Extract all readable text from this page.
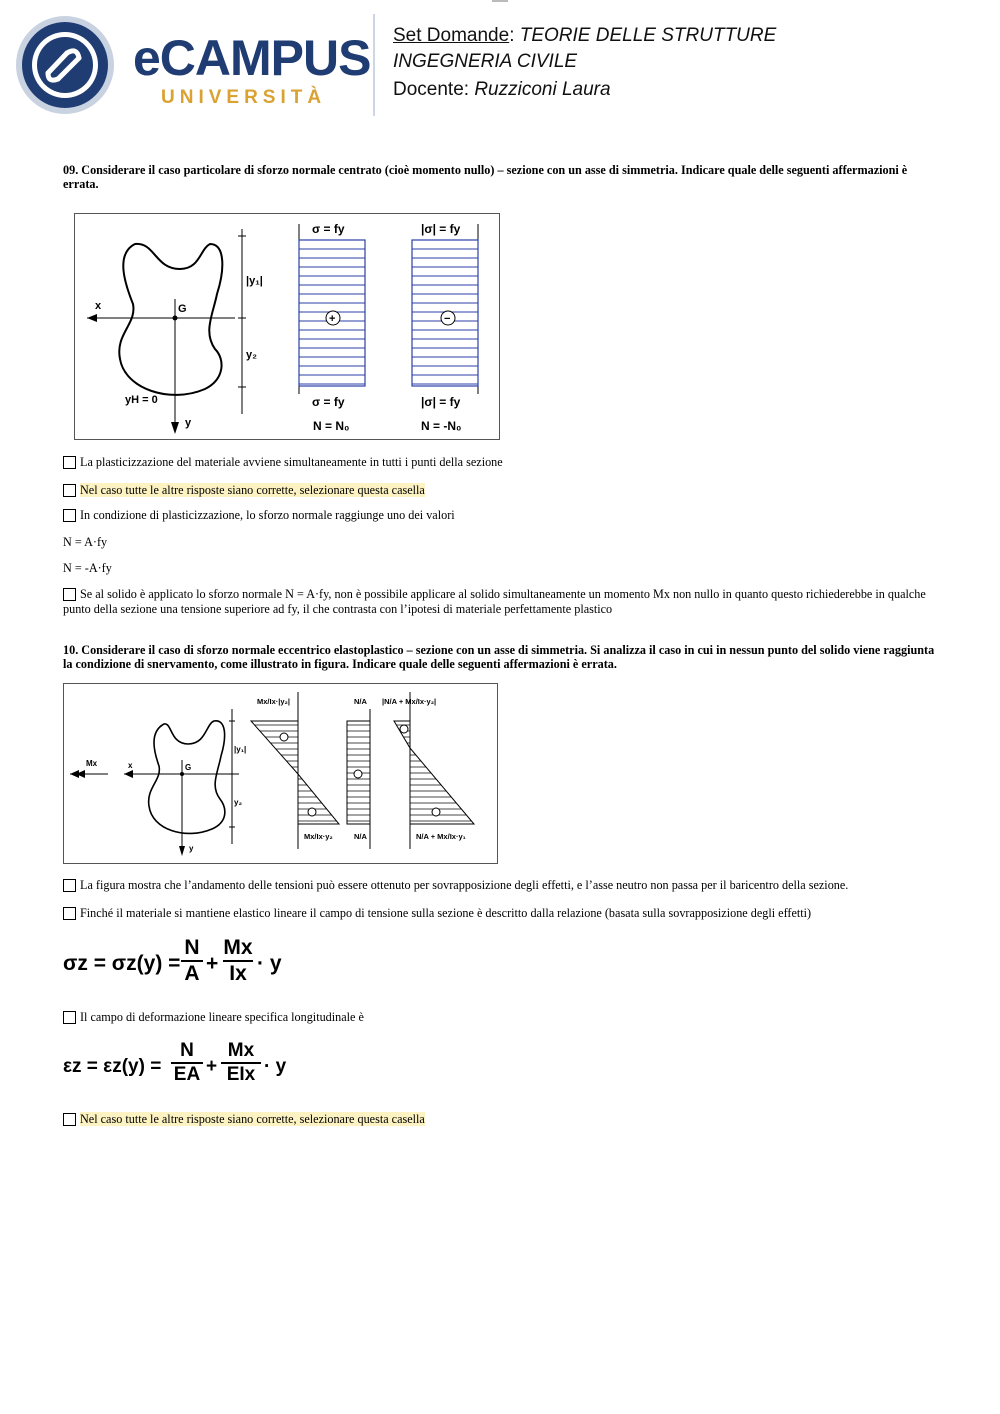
eCAMPUS
UNIVERSITÀ
Set Domande: TEORIE DELLE STRUTTURE
INGEGNERIA CIVILE
Docente: Ruzziconi Laura
09. Considerare il caso particolare di sforzo normale centrato (cioè momento nullo) – sezione con un asse di simmetria. Indicare quale delle seguenti affermazioni è errata.
x
y
G
yH = 0
|y₁|
y₂
σ = fy
+
σ = fy
N = N₀
|σ| = fy
−
|σ| = fy
N = -N₀
La plasticizzazione del materiale avviene simultaneamente in tutti i punti della sezione
Nel caso tutte le altre risposte siano corrette, selezionare questa casella
In condizione di plasticizzazione, lo sforzo normale raggiunge uno dei valori
N = A·fy
N = -A·fy
Se al solido è applicato lo sforzo normale N = A·fy, non è possibile applicare al solido simultaneamente un momento Mx non nullo in quanto questo richiederebbe in qualche punto della sezione una tensione superiore ad fy, il che contrasta con l’ipotesi di materiale perfettamente plastico
10. Considerare il caso di sforzo normale eccentrico elastoplastico – sezione con un asse di simmetria. Si analizza il caso in cui in nessun punto del solido viene raggiunta la condizione di snervamento, come illustrato in figura. Indicare quale delle seguenti affermazioni è errata.
Mx	x
y
G
|y₁|
y₂
Mx/Ix·|y₂|
Mx/Ix·y₂
N/A
N/A
|N/A + Mx/Ix·y₂|
N/A + Mx/Ix·y₁
La figura mostra che l’andamento delle tensioni può essere ottenuto per sovrapposizione degli effetti, e l’asse neutro non passa per il baricentro della sezione.
Finché il materiale si mantiene elastico lineare il campo di tensione sulla sezione è descritto dalla relazione (basata sulla sovrapposizione degli effetti)
σz = σz(y) =
N
A +
Mx
Ix · y
Il campo di deformazione lineare specifica longitudinale è
εz = εz(y) =
N
EA +
Mx
EIx · y
Nel caso tutte le altre risposte siano corrette, selezionare questa casella
